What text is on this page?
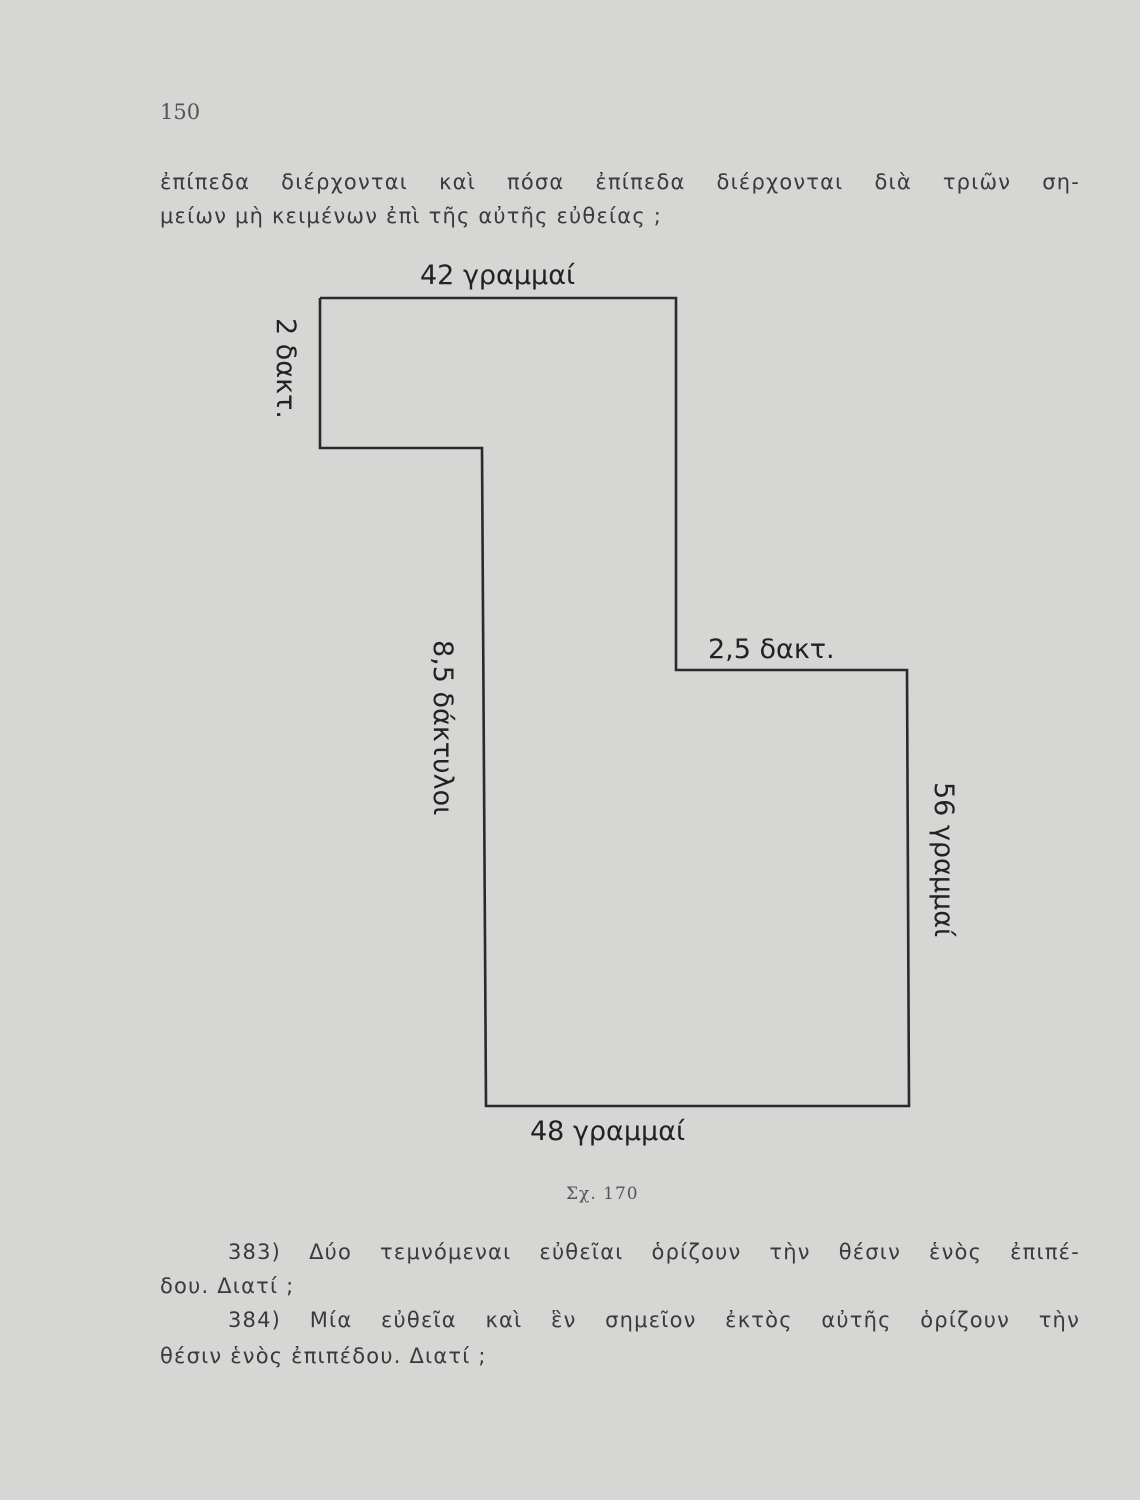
150
ἐπίπεδα διέρχονται καὶ πόσα ἐπίπεδα διέρχονται διὰ τριῶν ση-
μείων μὴ κειμένων ἐπὶ τῆς αὐτῆς εὐθείας ;
42 γραμμαί
2 δακτ.
2,5 δακτ.
8,5 δάκτυλοι
56 γραμμαί
48 γραμμαί
Σχ. 170
383) Δύο τεμνόμεναι εὐθεῖαι ὁρίζουν τὴν θέσιν ἑνὸς ἐπιπέ-
δου. Διατί ;
384) Μία εὐθεῖα καὶ ἓν σημεῖον ἐκτὸς αὐτῆς ὁρίζουν τὴν
θέσιν ἑνὸς ἐπιπέδου. Διατί ;
